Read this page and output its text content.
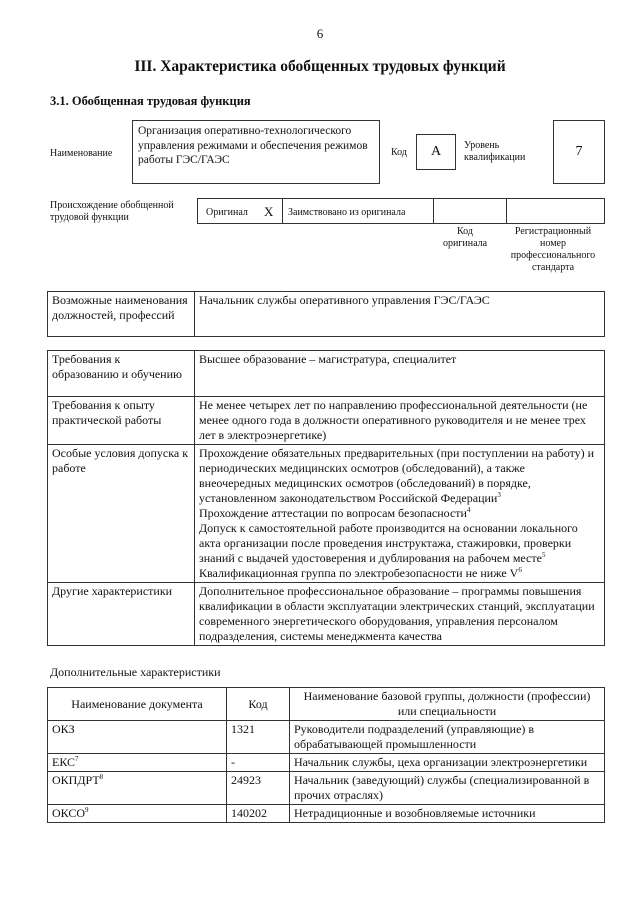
6
III. Характеристика обобщенных трудовых функций
3.1. Обобщенная трудовая функция
Наименование
Организация оперативно-технологического управления режимами и обеспечения режимов работы ГЭС/ГАЭС
Код	A	Уровень квалификации	7
Происхождение обобщенной трудовой функции	Оригинал X Заимствовано из оригинала
Код оригинала
Регистрационный номер профессионального стандарта
Возможные наименования должностей, профессий	Начальник службы оперативного управления ГЭС/ГАЭС
Требования к образованию и обучению	Высшее образование – магистратура, специалитет
Требования к опыту практической работы	Не менее четырех лет по направлению профессиональной деятельности (не менее одного года в должности оперативного руководителя и не менее трех лет в электроэнергетике)
Особые условия допуска к работе	Прохождение обязательных предварительных (при поступлении на работу) и периодических медицинских осмотров (обследований), а также внеочередных медицинских осмотров (обследований) в порядке, установленном законодательством Российской Федерации$^3$
Прохождение аттестации по вопросам безопасности$^4$
Допуск к самостоятельной работе производится на основании локального акта организации после проведения инструктажа, стажировки, проверки знаний с выдачей удостоверения и дублирования на рабочем месте$^5$
Квалификационная группа по электробезопасности не ниже $V^6$

Другие характеристики	Дополнительное профессиональное образование – программы повышения квалификации в области эксплуатации электрических станций, эксплуатации современного энергетического оборудования, управления персоналом подразделения, системы менеджмента качества
Дополнительные характеристики
Наименование документа	Код	Наименование базовой группы, должности (профессии) или специальности
ОКЗ	1321	Руководители подразделений (управляющие) в обрабатывающей промышленности
ЕКС$^7$	-	Начальник службы, цеха организации электроэнергетики
ОКПДРТ$^8$	24923	Начальник (заведующий) службы (специализированной в прочих отраслях)
ОКСО$^9$	140202	Нетрадиционные и возобновляемые источники
